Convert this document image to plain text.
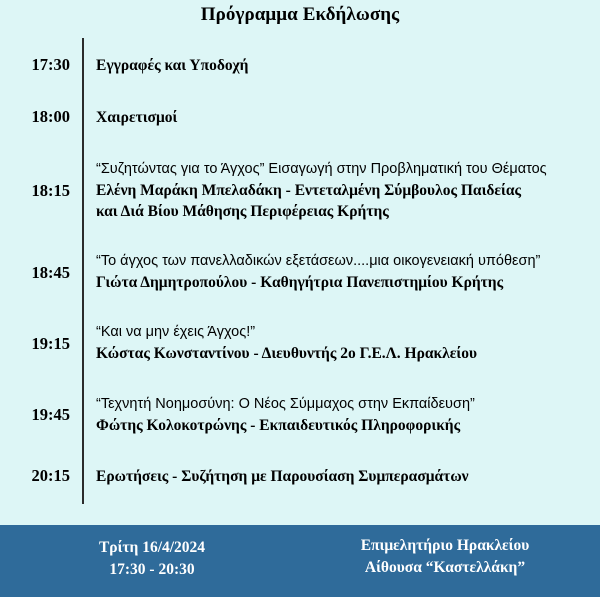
Πρόγραμμα Εκδήλωσης
17:30 Εγγραφές και Υποδοχή
18:00 Χαιρετισμοί
18:15
“Συζητώντας για το Άγχος” Εισαγωγή στην Προβληματική του Θέματος
Ελένη Μαράκη Μπελαδάκη - Εντεταλμένη Σύμβουλος Παιδείας
και Διά Βίου Μάθησης Περιφέρειας Κρήτης
18:45
“Το άγχος των πανελλαδικών εξετάσεων....μια οικογενειακή υπόθεση”
Γιώτα Δημητροπούλου - Καθηγήτρια Πανεπιστημίου Κρήτης
19:15
“Και να μην έχεις Άγχος!”
Κώστας Κωνσταντίνου - Διευθυντής 2ο Γ.Ε.Λ. Ηρακλείου
19:45
“Τεχνητή Νοημοσύνη: Ο Νέος Σύμμαχος στην Εκπαίδευση”
Φώτης Κολοκοτρώνης - Εκπαιδευτικός Πληροφορικής
20:15 Ερωτήσεις - Συζήτηση με Παρουσίαση Συμπερασμάτων
Τρίτη 16/4/2024
17:30 - 20:30
Επιμελητήριο Ηρακλείου
Αίθουσα “Καστελλάκη”
